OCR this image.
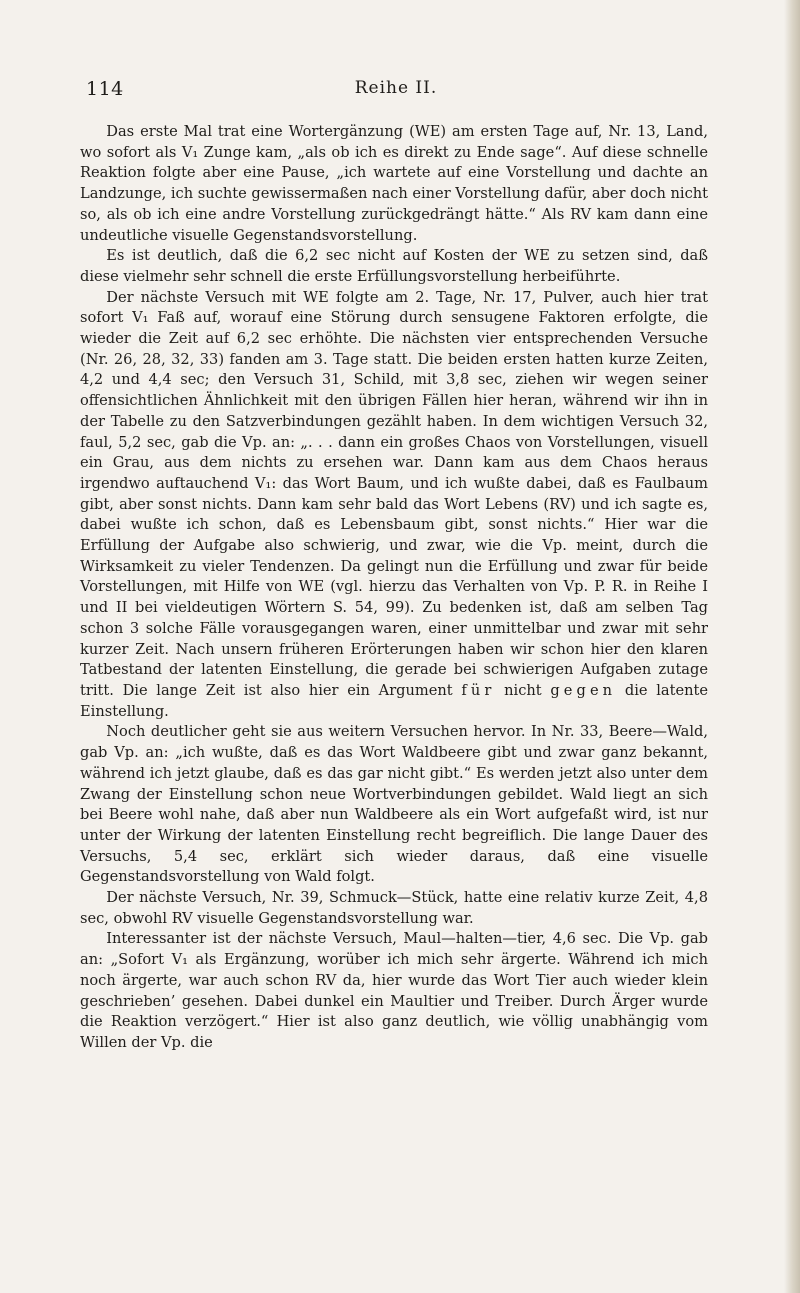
114	Reihe II.

Das erste Mal trat eine Wortergänzung (WE) am ersten Tage auf, Nr. 13, Land, wo sofort als V₁ Zunge kam, „als ob ich es direkt zu Ende sage“. Auf diese schnelle Reaktion folgte aber eine Pause, „ich wartete auf eine Vorstellung und dachte an Landzunge, ich suchte gewissermaßen nach einer Vorstellung dafür, aber doch nicht so, als ob ich eine andre Vorstellung zurückgedrängt hätte.“ Als RV kam dann eine undeutliche visuelle Gegenstandsvorstellung.

Es ist deutlich, daß die 6,2 sec nicht auf Kosten der WE zu setzen sind, daß diese vielmehr sehr schnell die erste Erfüllungsvorstellung herbeiführte.

Der nächste Versuch mit WE folgte am 2. Tage, Nr. 17, Pulver, auch hier trat sofort V₁ Faß auf, worauf eine Störung durch sensugene Faktoren erfolgte, die wieder die Zeit auf 6,2 sec erhöhte. Die nächsten vier entsprechenden Versuche (Nr. 26, 28, 32, 33) fanden am 3. Tage statt. Die beiden ersten hatten kurze Zeiten, 4,2 und 4,4 sec; den Versuch 31, Schild, mit 3,8 sec, ziehen wir wegen seiner offensichtlichen Ähnlichkeit mit den übrigen Fällen hier heran, während wir ihn in der Tabelle zu den Satzverbindungen gezählt haben. In dem wichtigen Versuch 32, faul, 5,2 sec, gab die Vp. an: „. . . dann ein großes Chaos von Vorstellungen, visuell ein Grau, aus dem nichts zu ersehen war. Dann kam aus dem Chaos heraus irgendwo auftauchend V₁: das Wort Baum, und ich wußte dabei, daß es Faulbaum gibt, aber sonst nichts. Dann kam sehr bald das Wort Lebens (RV) und ich sagte es, dabei wußte ich schon, daß es Lebensbaum gibt, sonst nichts.“ Hier war die Erfüllung der Aufgabe also schwierig, und zwar, wie die Vp. meint, durch die Wirksamkeit zu vieler Tendenzen. Da gelingt nun die Erfüllung und zwar für beide Vorstellungen, mit Hilfe von WE (vgl. hierzu das Verhalten von Vp. P. R. in Reihe I und II bei vieldeutigen Wörtern S. 54, 99). Zu bedenken ist, daß am selben Tag schon 3 solche Fälle vorausgegangen waren, einer unmittelbar und zwar mit sehr kurzer Zeit. Nach unsern früheren Erörterungen haben wir schon hier den klaren Tatbestand der latenten Einstellung, die gerade bei schwierigen Aufgaben zutage tritt. Die lange Zeit ist also hier ein Argument für nicht gegen die latente Einstellung.

Noch deutlicher geht sie aus weitern Versuchen hervor. In Nr. 33, Beere—Wald, gab Vp. an: „ich wußte, daß es das Wort Waldbeere gibt und zwar ganz bekannt, während ich jetzt glaube, daß es das gar nicht gibt.“ Es werden jetzt also unter dem Zwang der Einstellung schon neue Wortverbindungen gebildet. Wald liegt an sich bei Beere wohl nahe, daß aber nun Waldbeere als ein Wort aufgefaßt wird, ist nur unter der Wirkung der latenten Einstellung recht begreiflich. Die lange Dauer des Versuchs, 5,4 sec, erklärt sich wieder daraus, daß eine visuelle Gegenstandsvorstellung von Wald folgt.

Der nächste Versuch, Nr. 39, Schmuck—Stück, hatte eine relativ kurze Zeit, 4,8 sec, obwohl RV visuelle Gegenstandsvorstellung war.

Interessanter ist der nächste Versuch, Maul—halten—tier, 4,6 sec. Die Vp. gab an: „Sofort V₁ als Ergänzung, worüber ich mich sehr ärgerte. Während ich mich noch ärgerte, war auch schon RV da, hier wurde das Wort Tier auch wieder klein geschrieben’ gesehen. Dabei dunkel ein Maultier und Treiber. Durch Ärger wurde die Reaktion verzögert.“ Hier ist also ganz deutlich, wie völlig unabhängig vom Willen der Vp. die
